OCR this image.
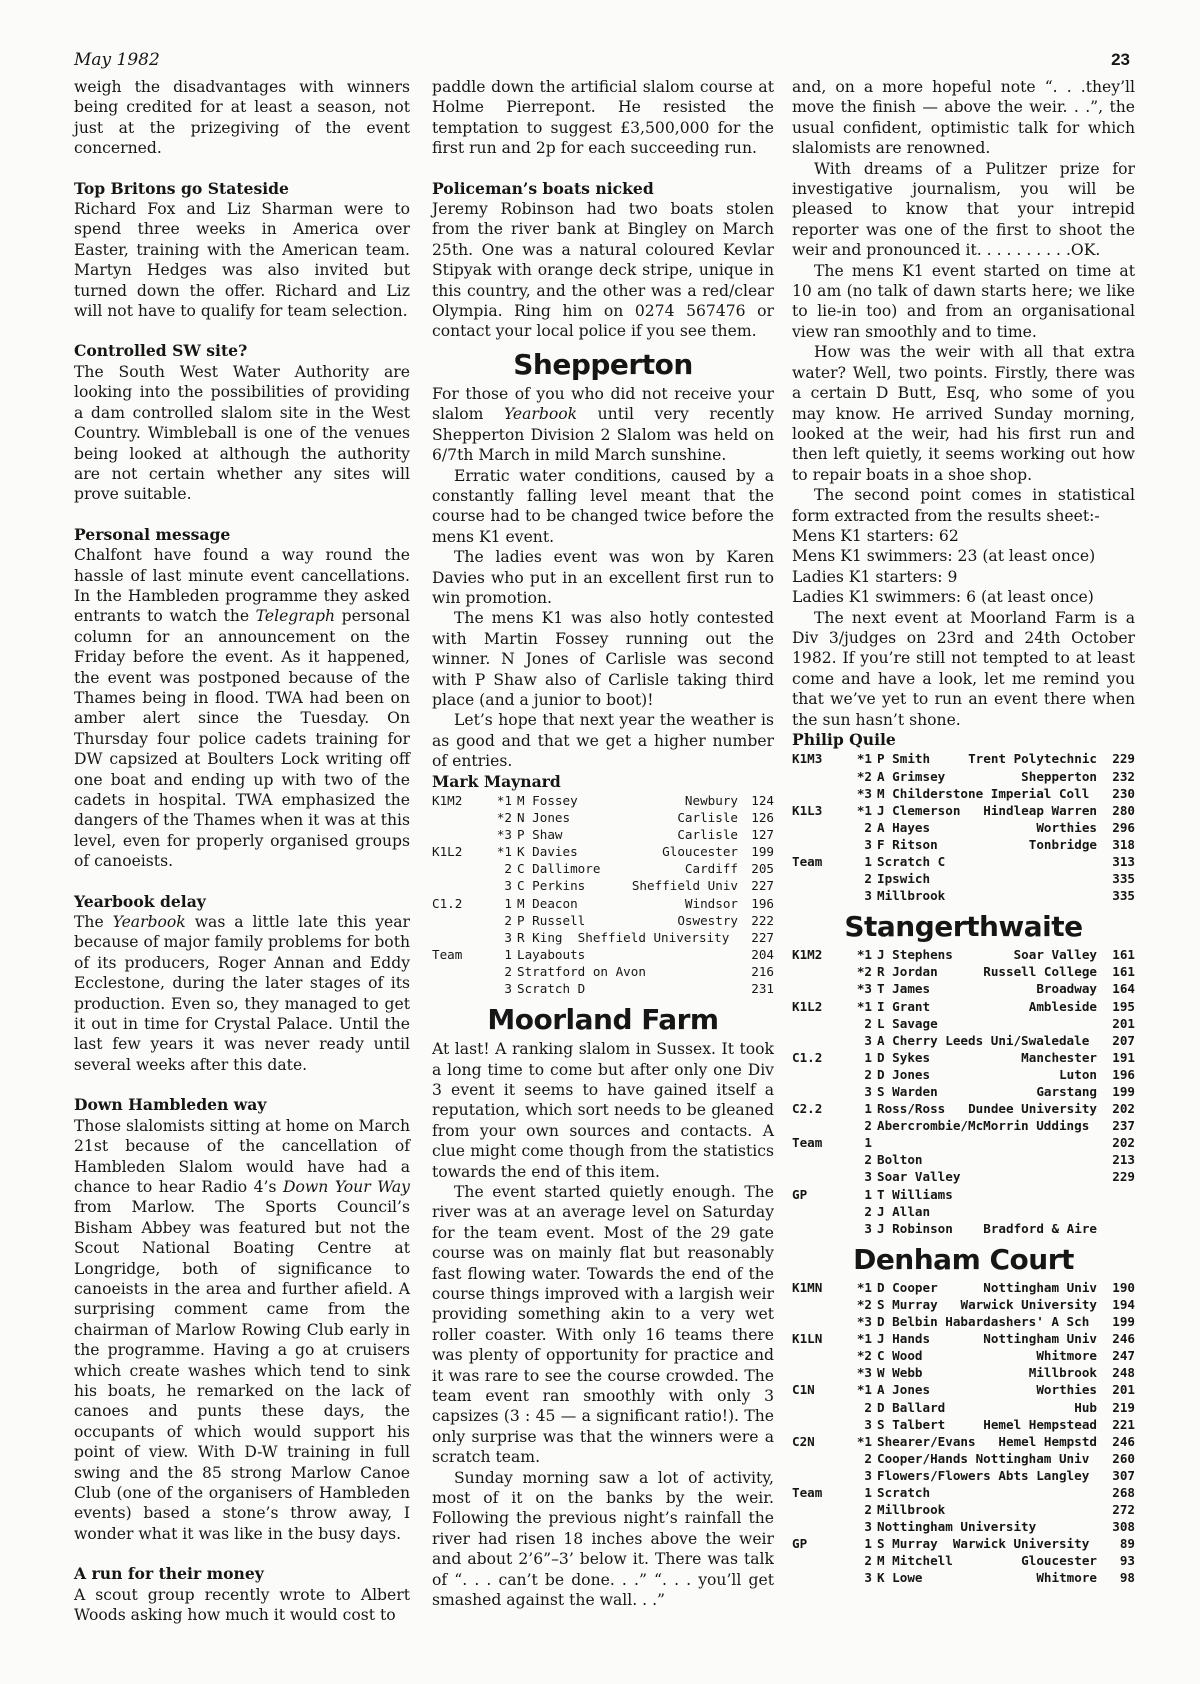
May 1982	23

weigh the disadvantages with winners being credited for at least a season, not just at the prizegiving of the event concerned.

Top Britons go Stateside

Richard Fox and Liz Sharman were to spend three weeks in America over Easter, training with the American team. Martyn Hedges was also invited but turned down the offer. Richard and Liz will not have to qualify for team selection.

Controlled SW site?

The South West Water Authority are looking into the possibilities of providing a dam controlled slalom site in the West Country. Wimbleball is one of the venues being looked at although the authority are not certain whether any sites will prove suitable.

Personal message

Chalfont have found a way round the hassle of last minute event cancellations. In the Hambleden programme they asked entrants to watch the Telegraph personal column for an announcement on the Friday before the event. As it happened, the event was postponed because of the Thames being in flood. TWA had been on amber alert since the Tuesday. On Thursday four police cadets training for DW capsized at Boulters Lock writing off one boat and ending up with two of the cadets in hospital. TWA emphasized the dangers of the Thames when it was at this level, even for properly organised groups of canoeists.

Yearbook delay

The Yearbook was a little late this year because of major family problems for both of its producers, Roger Annan and Eddy Ecclestone, during the later stages of its production. Even so, they managed to get it out in time for Crystal Palace. Until the last few years it was never ready until several weeks after this date.

Down Hambleden way

Those slalomists sitting at home on March 21st because of the cancellation of Hambleden Slalom would have had a chance to hear Radio 4’s Down Your Way from Marlow. The Sports Council’s Bisham Abbey was featured but not the Scout National Boating Centre at Longridge, both of significance to canoeists in the area and further afield. A surprising comment came from the chairman of Marlow Rowing Club early in the programme. Having a go at cruisers which create washes which tend to sink his boats, he remarked on the lack of canoes and punts these days, the occupants of which would support his point of view. With D-W training in full swing and the 85 strong Marlow Canoe Club (one of the organisers of Hambleden events) based a stone’s throw away, I wonder what it was like in the busy days.

A run for their money

A scout group recently wrote to Albert Woods asking how much it would cost to

paddle down the artificial slalom course at Holme Pierrepont. He resisted the temptation to suggest £3,500,000 for the first run and 2p for each succeeding run.

Policeman’s boats nicked

Jeremy Robinson had two boats stolen from the river bank at Bingley on March 25th. One was a natural coloured Kevlar Stipyak with orange deck stripe, unique in this country, and the other was a red/clear Olympia. Ring him on 0274 567476 or contact your local police if you see them.

Shepperton

For those of you who did not receive your slalom Yearbook until very recently Shepperton Division 2 Slalom was held on 6/7th March in mild March sunshine.

Erratic water conditions, caused by a constantly falling level meant that the course had to be changed twice before the mens K1 event.

The ladies event was won by Karen Davies who put in an excellent first run to win promotion.

The mens K1 was also hotly contested with Martin Fossey running out the winner. N Jones of Carlisle was second with P Shaw also of Carlisle taking third place (and a junior to boot)!

Let’s hope that next year the weather is as good and that we get a higher number of entries.

Mark Maynard

K1M2	*1 M Fossey	Newbury	124
*2 N Jones	Carlisle	126
*3 P Shaw	Carlisle	127
K1L2	*1 K Davies	Gloucester	199
2 C Dallimore	Cardiff	205
3 C Perkins	Sheffield Univ	227
C1.2	1 M Deacon	Windsor	196
2 P Russell	Oswestry	222
3 R King  Sheffield University	227
Team	1 Layabouts	204
2 Stratford on Avon	216
3 Scratch D	231
Moorland Farm

At last! A ranking slalom in Sussex. It took a long time to come but after only one Div 3 event it seems to have gained itself a reputation, which sort needs to be gleaned from your own sources and contacts. A clue might come though from the statistics towards the end of this item.

The event started quietly enough. The river was at an average level on Saturday for the team event. Most of the 29 gate course was on mainly flat but reasonably fast flowing water. Towards the end of the course things improved with a largish weir providing something akin to a very wet roller coaster. With only 16 teams there was plenty of opportunity for practice and it was rare to see the course crowded. The team event ran smoothly with only 3 capsizes (3 : 45 — a significant ratio!). The only surprise was that the winners were a scratch team.

Sunday morning saw a lot of activity, most of it on the banks by the weir. Following the previous night’s rainfall the river had risen 18 inches above the weir and about 2’6”–3’ below it. There was talk of “. . . can’t be done. . .” “. . . you’ll get smashed against the wall. . .”

and, on a more hopeful note “. . .they’ll move the finish — above the weir. . .”, the usual confident, optimistic talk for which slalomists are renowned.

With dreams of a Pulitzer prize for investigative journalism, you will be pleased to know that your intrepid reporter was one of the first to shoot the weir and pronounced it. . . . . . . . . .OK.

The mens K1 event started on time at 10 am (no talk of dawn starts here; we like to lie-in too) and from an organisational view ran smoothly and to time.

How was the weir with all that extra water? Well, two points. Firstly, there was a certain D Butt, Esq, who some of you may know. He arrived Sunday morning, looked at the weir, had his first run and then left quietly, it seems working out how to repair boats in a shoe shop.

The second point comes in statistical form extracted from the results sheet:-

Mens K1 starters: 62

Mens K1 swimmers: 23 (at least once)

Ladies K1 starters: 9

Ladies K1 swimmers: 6 (at least once)

The next event at Moorland Farm is a Div 3/judges on 23rd and 24th October 1982. If you’re still not tempted to at least come and have a look, let me remind you that we’ve yet to run an event there when the sun hasn’t shone.

Philip Quile

K1M3	*1 P Smith	Trent Polytechnic	229
*2 A Grimsey	Shepperton	232
*3 M Childerstone Imperial Coll	230
K1L3	*1 J Clemerson	Hindleap Warren	280
2 A Hayes	Worthies	296
3 F Ritson	Tonbridge	318
Team	1 Scratch C	313
2 Ipswich	335
3 Millbrook	335
Stangerthwaite
K1M2	*1 J Stephens	Soar Valley	161
*2 R Jordan	Russell College	161
*3 T James	Broadway	164
K1L2	*1 I Grant	Ambleside	195
2 L Savage	201
3 A Cherry Leeds Uni/Swaledale	207
C1.2	1 D Sykes	Manchester	191
2 D Jones	Luton	196
3 S Warden	Garstang	199
C2.2	1 Ross/Ross	Dundee University	202
2 Abercrombie/McMorrin Uddings	237
Team	1	202
2 Bolton	213
3 Soar Valley	229
GP	1 T Williams
2 J Allan
3 J Robinson	Bradford & Aire
Denham Court
K1MN	*1 D Cooper	Nottingham Univ	190
*2 S Murray	Warwick University	194
*3 D Belbin Habardashers' A Sch	199
K1LN	*1 J Hands	Nottingham Univ	246
*2 C Wood	Whitmore	247
*3 W Webb	Millbrook	248
C1N	*1 A Jones	Worthies	201
2 D Ballard	Hub	219
3 S Talbert	Hemel Hempstead	221
C2N	*1 Shearer/Evans	Hemel Hempstd	246
2 Cooper/Hands Nottingham Univ	260
3 Flowers/Flowers Abts Langley	307
Team	1 Scratch	268
2 Millbrook	272
3 Nottingham University	308
GP	1 S Murray  Warwick University	89
2 M Mitchell	Gloucester	93
3 K Lowe	Whitmore	98
